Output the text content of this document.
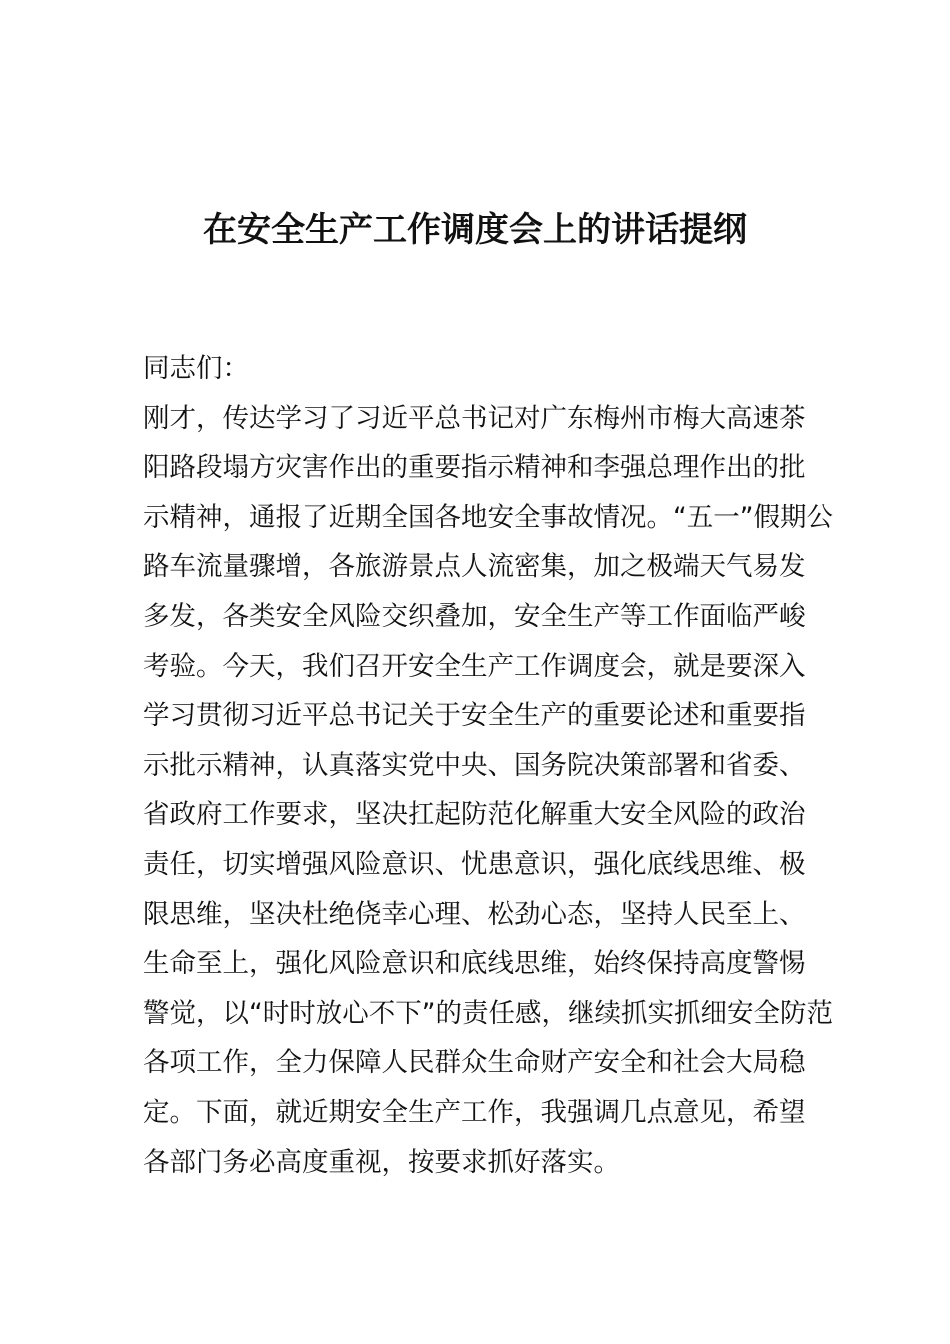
在安全生产工作调度会上的讲话提纲
同志们：
刚才，传达学习了习近平总书记对广东梅州市梅大高速茶
阳路段塌方灾害作出的重要指示精神和李强总理作出的批
示精神，通报了近期全国各地安全事故情况。“五一”假期公
路车流量骤增，各旅游景点人流密集，加之极端天气易发
多发，各类安全风险交织叠加，安全生产等工作面临严峻
考验。今天，我们召开安全生产工作调度会，就是要深入
学习贯彻习近平总书记关于安全生产的重要论述和重要指
示批示精神，认真落实党中央、国务院决策部署和省委、
省政府工作要求，坚决扛起防范化解重大安全风险的政治
责任，切实增强风险意识、忧患意识，强化底线思维、极
限思维，坚决杜绝侥幸心理、松劲心态，坚持人民至上、
生命至上，强化风险意识和底线思维，始终保持高度警惕
警觉，以“时时放心不下”的责任感，继续抓实抓细安全防范
各项工作，全力保障人民群众生命财产安全和社会大局稳
定。下面，就近期安全生产工作，我强调几点意见，希望
各部门务必高度重视，按要求抓好落实。
